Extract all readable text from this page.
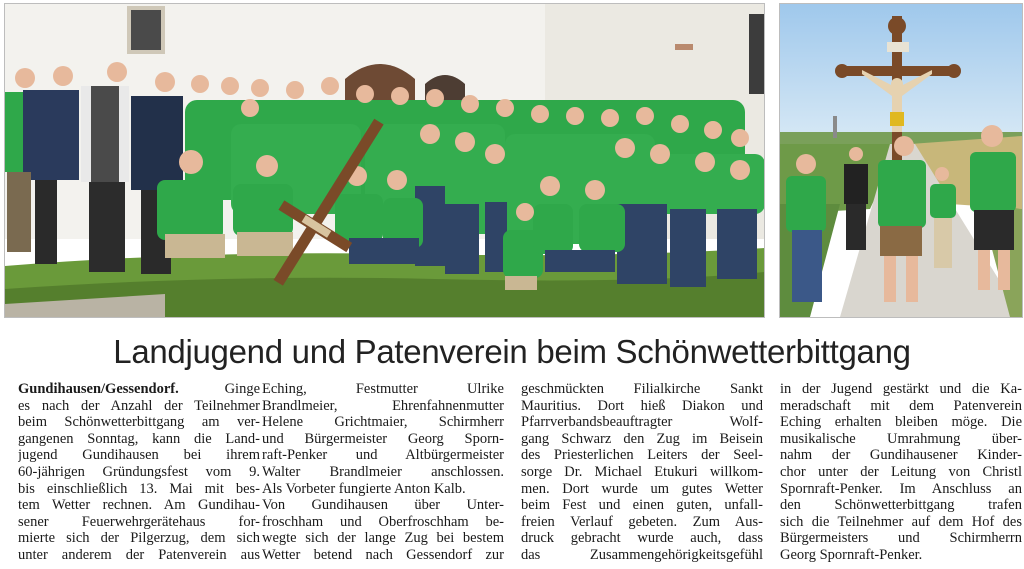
Landjugend und Patenverein beim Schönwetterbittgang
Gundihausen/Gessendorf. Ginge
es nach der Anzahl der Teilnehmer
beim Schönwetterbittgang am ver-
gangenen Sonntag, kann die Land-
jugend Gundihausen bei ihrem
60-jährigen Gründungsfest vom 9.
bis einschließlich 13. Mai mit bes-
tem Wetter rechnen. Am Gundihau-
sener Feuerwehrgerätehaus for-
mierte sich der Pilgerzug, dem sich
unter anderem der Patenverein aus
Eching, Festmutter Ulrike
Brandlmeier, Ehrenfahnenmutter
Helene Grichtmaier, Schirmherr
und Bürgermeister Georg Sporn-
raft-Penker und Altbürgermeister
Walter Brandlmeier anschlossen.
Als Vorbeter fungierte Anton Kalb.
Von Gundihausen über Unter-
froschham und Oberfroschham be-
wegte sich der lange Zug bei bestem
Wetter betend nach Gessendorf zur
geschmückten Filialkirche Sankt
Mauritius. Dort hieß Diakon und
Pfarrverbandsbeauftragter Wolf-
gang Schwarz den Zug im Beisein
des Priesterlichen Leiters der Seel-
sorge Dr. Michael Etukuri willkom-
men. Dort wurde um gutes Wetter
beim Fest und einen guten, unfall-
freien Verlauf gebeten. Zum Aus-
druck gebracht wurde auch, dass
das Zusammengehörigkeitsgefühl
in der Jugend gestärkt und die Ka-
meradschaft mit dem Patenverein
Eching erhalten bleiben möge. Die
musikalische Umrahmung über-
nahm der Gundihausener Kinder-
chor unter der Leitung von Christl
Spornraft-Penker. Im Anschluss an
den Schönwetterbittgang trafen
sich die Teilnehmer auf dem Hof des
Bürgermeisters und Schirmherrn
Georg Spornraft-Penker.
